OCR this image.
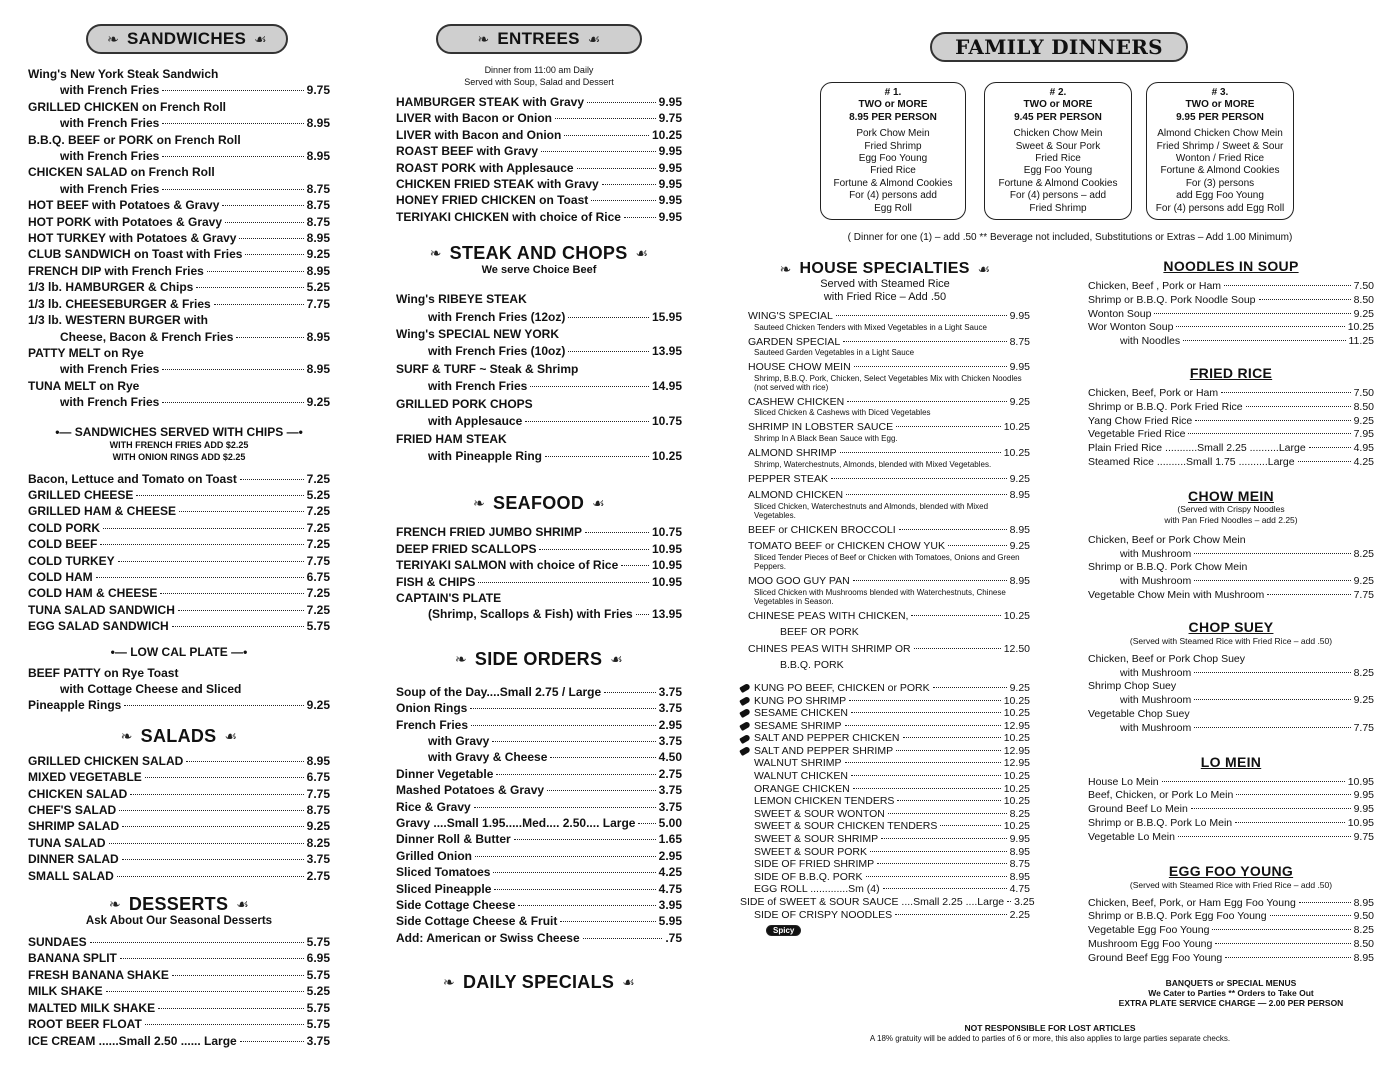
❧ SANDWICHES ☙
Wing's New York Steak Sandwich
with French Fries	9.75
GRILLED CHICKEN on French Roll
with French Fries	8.95
B.B.Q. BEEF or PORK on French Roll
with French Fries	8.95
CHICKEN SALAD on French Roll
with French Fries	8.75
HOT BEEF with Potatoes & Gravy	8.75
HOT PORK with Potatoes & Gravy	8.75
HOT TURKEY with Potatoes & Gravy	8.95
CLUB SANDWICH on Toast with Fries	9.25
FRENCH DIP with French Fries	8.95
1/3 lb. HAMBURGER & Chips	5.25
1/3 lb. CHEESEBURGER & Fries	7.75
1/3 lb. WESTERN BURGER with
Cheese, Bacon & French Fries	8.95
PATTY MELT on Rye
with French Fries	8.95
TUNA MELT on Rye
with French Fries	9.25
•— SANDWICHES SERVED WITH CHIPS —•
WITH FRENCH FRIES ADD $2.25
WITH ONION RINGS ADD $2.25
Bacon, Lettuce and Tomato on Toast	7.25
GRILLED CHEESE	5.25
GRILLED HAM & CHEESE	7.25
COLD PORK	7.25
COLD BEEF	7.25
COLD TURKEY	7.75
COLD HAM	6.75
COLD HAM & CHEESE	7.25
TUNA SALAD SANDWICH	7.25
EGG SALAD SANDWICH	5.75
•— LOW CAL PLATE —•
BEEF PATTY on Rye Toast
with Cottage Cheese and Sliced
Pineapple Rings	9.25
❧ SALADS ☙
GRILLED CHICKEN SALAD	8.95
MIXED VEGETABLE	6.75
CHICKEN SALAD	7.75
CHEF'S SALAD	8.75
SHRIMP SALAD	9.25
TUNA SALAD	8.25
DINNER SALAD	3.75
SMALL SALAD	2.75
❧ DESSERTS ☙
Ask About Our Seasonal Desserts
SUNDAES	5.75
BANANA SPLIT	6.95
FRESH BANANA SHAKE	5.75
MILK SHAKE	5.25
MALTED MILK SHAKE	5.75
ROOT BEER FLOAT	5.75
ICE CREAM ......Small 2.50 ...... Large	3.75
❧ ENTREES ☙
Dinner from 11:00 am Daily
Served with Soup, Salad and Dessert
HAMBURGER STEAK with Gravy	9.95
LIVER with Bacon or Onion	9.75
LIVER with Bacon and Onion	10.25
ROAST BEEF with Gravy	9.95
ROAST PORK with Applesauce	9.95
CHICKEN FRIED STEAK with Gravy	9.95
HONEY FRIED CHICKEN on Toast	9.95
TERIYAKI CHICKEN with choice of Rice	9.95
❧ STEAK AND CHOPS ☙
We serve Choice Beef
Wing's RIBEYE STEAK
with French Fries (12oz)	15.95
Wing's SPECIAL NEW YORK
with French Fries (10oz)	13.95
SURF & TURF ~ Steak & Shrimp
with French Fries	14.95
GRILLED PORK CHOPS
with Applesauce	10.75
FRIED HAM STEAK
with Pineapple Ring	10.25
❧ SEAFOOD ☙
FRENCH FRIED JUMBO SHRIMP	10.75
DEEP FRIED SCALLOPS	10.95
TERIYAKI SALMON with choice of Rice	10.95
FISH & CHIPS	10.95
CAPTAIN'S PLATE
(Shrimp, Scallops & Fish) with Fries 13.95
❧ SIDE ORDERS ☙
Soup of the Day....Small 2.75 / Large	3.75
Onion Rings	3.75
French Fries	2.95
with Gravy	3.75
with Gravy & Cheese	4.50
Dinner Vegetable	2.75
Mashed Potatoes & Gravy	3.75
Rice & Gravy	3.75
Gravy ....Small 1.95.....Med.... 2.50.... Large 5.00
Dinner Roll & Butter	1.65
Grilled Onion	2.95
Sliced Tomatoes	4.25
Sliced Pineapple	4.75
Side Cottage Cheese	3.95
Side Cottage Cheese & Fruit	5.95
Add: American or Swiss Cheese	.75
❧ DAILY SPECIALS ☙
FAMILY DINNERS
# 1.
TWO or MORE
8.95 PER PERSON
Pork Chow Mein
Fried Shrimp
Egg Foo Young
Fried Rice
Fortune & Almond Cookies
For (4) persons add
Egg Roll
# 2.
TWO or MORE
9.45 PER PERSON
Chicken Chow Mein
Sweet & Sour Pork
Fried Rice
Egg Foo Young
Fortune & Almond Cookies
For (4) persons – add
Fried Shrimp
# 3.
TWO or MORE
9.95 PER PERSON
Almond Chicken Chow Mein
Fried Shrimp / Sweet & Sour
Wonton / Fried Rice
Fortune & Almond Cookies
For (3) persons
add Egg Foo Young
For (4) persons add Egg Roll
( Dinner for one (1) – add .50 ** Beverage not included, Substitutions or Extras – Add 1.00 Minimum)
❧ HOUSE SPECIALTIES ☙
Served with Steamed Rice
with Fried Rice – Add .50
WING'S SPECIAL	9.95
Sauteed Chicken Tenders with Mixed Vegetables in a Light Sauce
GARDEN SPECIAL	8.75
Sauteed Garden Vegetables in a Light Sauce
HOUSE CHOW MEIN	9.95
Shrimp, B.B.Q. Pork, Chicken, Select Vegetables Mix with Chicken Noodles (not served with rice)
CASHEW CHICKEN	9.25
Sliced Chicken & Cashews with Diced Vegetables
SHRIMP IN LOBSTER SAUCE	10.25
Shrimp In A Black Bean Sauce with Egg.
ALMOND SHRIMP	10.25
Shrimp, Waterchestnuts, Almonds, blended with Mixed Vegetables.
PEPPER STEAK	9.25
ALMOND CHICKEN	8.95
Sliced Chicken, Waterchestnuts and Almonds, blended with Mixed Vegetables.
BEEF or CHICKEN BROCCOLI	8.95
TOMATO BEEF or CHICKEN CHOW YUK	9.25
Sliced Tender Pieces of Beef or Chicken with Tomatoes, Onions and Green Peppers.
MOO GOO GUY PAN	8.95
Sliced Chicken with Mushrooms blended with Waterchestnuts, Chinese Vegetables in Season.
CHINESE PEAS WITH CHICKEN,	10.25
BEEF OR PORK
CHINES PEAS WITH SHRIMP OR	12.50
B.B.Q. PORK
KUNG PO BEEF, CHICKEN or PORK	9.25
KUNG PO SHRIMP	10.25
SESAME CHICKEN	10.25
SESAME SHRIMP	12.95
SALT AND PEPPER CHICKEN	10.25
SALT AND PEPPER SHRIMP	12.95
WALNUT SHRIMP	12.95
WALNUT CHICKEN	10.25
ORANGE CHICKEN	10.25
LEMON CHICKEN TENDERS	10.25
SWEET & SOUR WONTON	8.25
SWEET & SOUR CHICKEN TENDERS	10.25
SWEET & SOUR SHRIMP	9.95
SWEET & SOUR PORK	8.95
SIDE OF FRIED SHRIMP	8.75
SIDE OF B.B.Q. PORK	8.95
EGG ROLL .............Sm (4)	4.75
SIDE of SWEET & SOUR SAUCE ....Small 2.25 ....Large 3.25
SIDE OF CRISPY NOODLES	2.25
Spicy
NOODLES IN SOUP
Chicken, Beef , Pork or Ham	7.50
Shrimp or B.B.Q. Pork Noodle Soup	8.50
Wonton Soup	9.25
Wor Wonton Soup	10.25
with Noodles	11.25
FRIED RICE
Chicken, Beef, Pork or Ham	7.50
Shrimp or B.B.Q. Pork Fried Rice	8.50
Yang Chow Fried Rice	9.25
Vegetable Fried Rice	7.95
Plain Fried Rice ...........Small 2.25 ..........Large	4.95
Steamed Rice ..........Small 1.75 ..........Large	4.25
CHOW MEIN
(Served with Crispy Noodles
with Pan Fried Noodles – add 2.25)
Chicken, Beef or Pork Chow Mein
with Mushroom	8.25
Shrimp or B.B.Q. Pork Chow Mein
with Mushroom	9.25
Vegetable Chow Mein with Mushroom	7.75
CHOP SUEY
(Served with Steamed Rice with Fried Rice – add .50)
Chicken, Beef or Pork Chop Suey
with Mushroom	8.25
Shrimp Chop Suey
with Mushroom	9.25
Vegetable Chop Suey
with Mushroom	7.75
LO MEIN
House Lo Mein	10.95
Beef, Chicken, or Pork Lo Mein	9.95
Ground Beef Lo Mein	9.95
Shrimp or B.B.Q. Pork Lo Mein	10.95
Vegetable Lo Mein	9.75
EGG FOO YOUNG
(Served with Steamed Rice with Fried Rice – add .50)
Chicken, Beef, Pork, or Ham Egg Foo Young	8.95
Shrimp or B.B.Q. Pork Egg Foo Young	9.50
Vegetable Egg Foo Young	8.25
Mushroom Egg Foo Young	8.50
Ground Beef Egg Foo Young	8.95
BANQUETS or SPECIAL MENUS
We Cater to Parties ** Orders to Take Out
EXTRA PLATE SERVICE CHARGE — 2.00 PER PERSON
NOT RESPONSIBLE FOR LOST ARTICLES
A 18% gratuity will be added to parties of 6 or more, this also applies to large parties separate checks.
